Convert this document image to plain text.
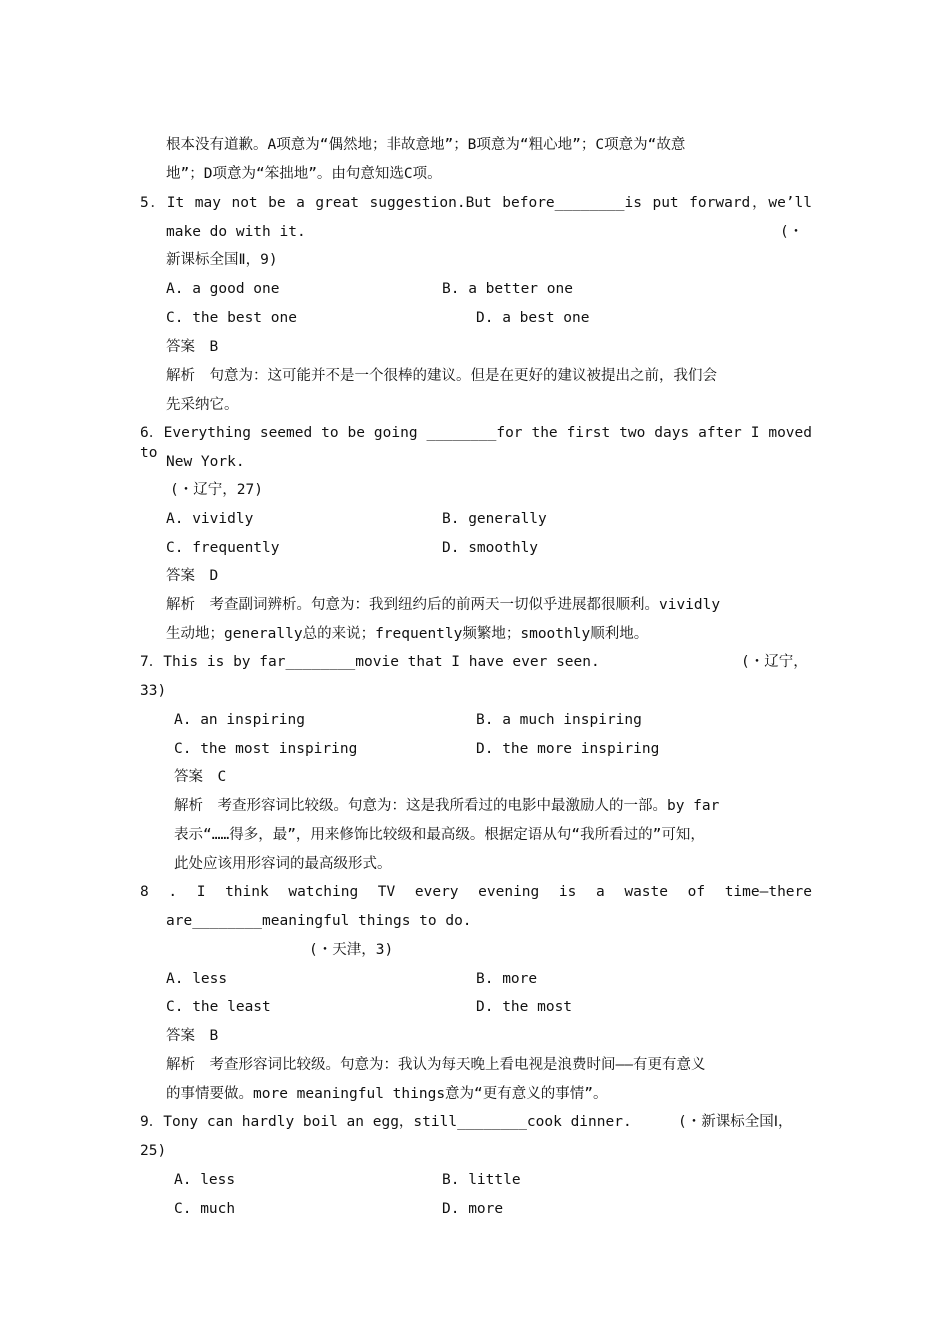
根本没有道歉。A项意为“偶然地；非故意地”；B项意为“粗心地”；C项意为“故意
地”；D项意为“笨拙地”。由句意知选C项。
5．It may not be a great suggestion.But before________is put forward，we’ll
make do with it.	(・
新课标全国Ⅱ，9)
A. a good one	B. a better one
C. the best one	D. a best one
答案　B
解析　句意为：这可能并不是一个很棒的建议。但是在更好的建议被提出之前，我们会
先采纳它。
6．Everything seemed to be going ________for the first two days after I moved to
New York.
(・辽宁，27)
A. vividly	B. generally
C. frequently	D. smoothly
答案　D
解析　考查副词辨析。句意为：我到纽约后的前两天一切似乎进展都很顺利。vividly
生动地；generally总的来说；frequently频繁地；smoothly顺利地。
7．This is by far________movie that I have ever seen.	(・辽宁，
33)
A. an inspiring	B. a much inspiring
C. the most inspiring	D. the more inspiring
答案　C
解析　考查形容词比较级。句意为：这是我所看过的电影中最激励人的一部。by far
表示“……得多，最”，用来修饰比较级和最高级。根据定语从句“我所看过的”可知，
此处应该用形容词的最高级形式。
8 . I think watching TV every evening is a waste of time—there
are________meaningful things to do.
(・天津，3)
A. less	B. more
C. the least	D. the most
答案　B
解析　考查形容词比较级。句意为：我认为每天晚上看电视是浪费时间——有更有意义
的事情要做。more meaningful things意为“更有意义的事情”。
9．Tony can hardly boil an egg，still________cook dinner.	(・新课标全国Ⅰ，
25)
A. less	B. little
C. much	D. more
